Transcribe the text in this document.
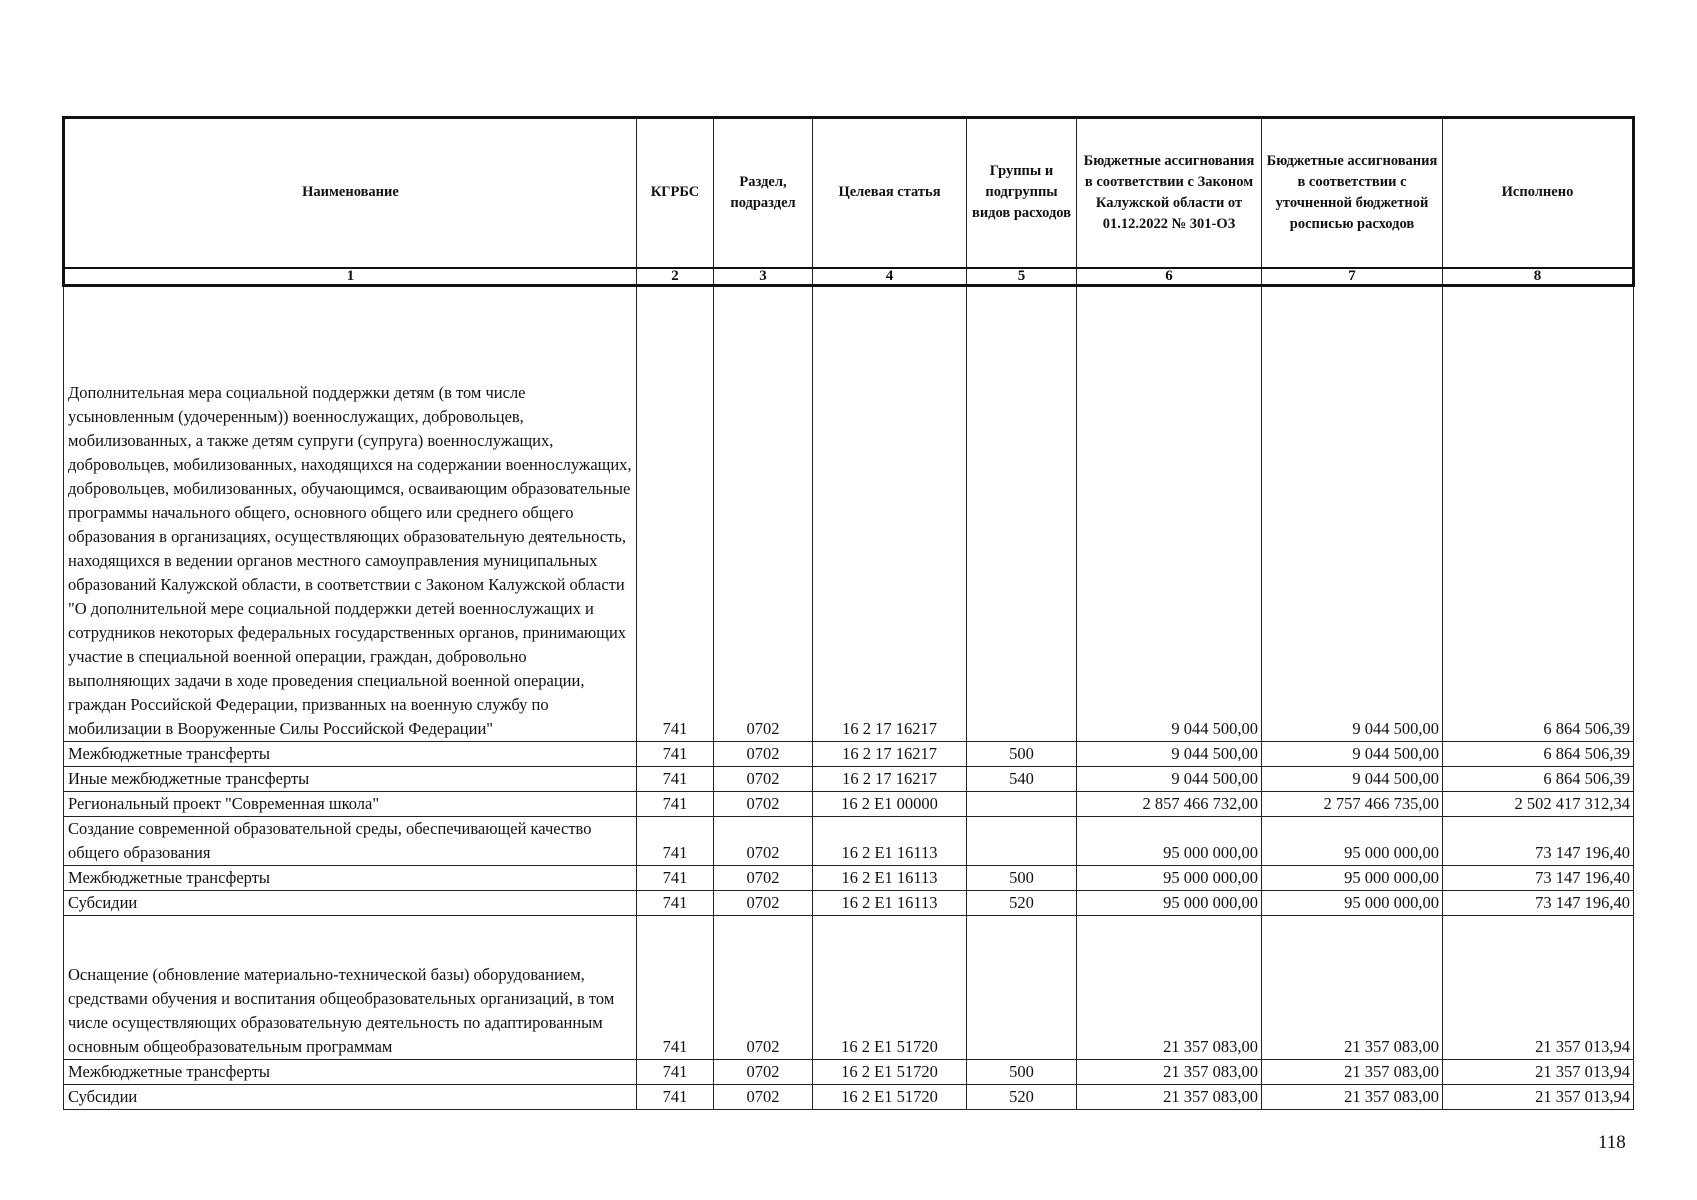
Наименование	КГРБС	Раздел, подраздел	Целевая статья	Группы и подгруппы видов расходов	Бюджетные ассигнования в соответствии с Законом Калужской области от 01.12.2022 № 301-ОЗ	Бюджетные ассигнования в соответствии с уточненной бюджетной росписью расходов	Исполнено
1	2	3	4	5	6	7	8
Дополнительная мера социальной поддержки детям (в том числе усыновленным (удочеренным)) военнослужащих, добровольцев, мобилизованных, а также детям супруги (супруга) военнослужащих, добровольцев, мобилизованных, находящихся на содержании военнослужащих, добровольцев, мобилизованных, обучающимся, осваивающим образовательные программы начального общего, основного общего или среднего общего образования в организациях, осуществляющих образовательную деятельность, находящихся в ведении органов местного самоуправления муниципальных образований Калужской области, в соответствии с Законом Калужской области "О дополнительной мере социальной поддержки детей военнослужащих и сотрудников некоторых федеральных государственных органов, принимающих участие в специальной военной операции, граждан, добровольно выполняющих задачи в ходе проведения специальной военной операции, граждан Российской Федерации, призванных на военную службу по мобилизации в Вооруженные Силы Российской Федерации"	741	0702	16 2 17 16217		9 044 500,00	9 044 500,00	6 864 506,39
Межбюджетные трансферты	741	0702	16 2 17 16217	500	9 044 500,00	9 044 500,00	6 864 506,39
Иные межбюджетные трансферты	741	0702	16 2 17 16217	540	9 044 500,00	9 044 500,00	6 864 506,39
Региональный проект "Современная школа"	741	0702	16 2 E1 00000		2 857 466 732,00	2 757 466 735,00	2 502 417 312,34
Создание современной образовательной среды, обеспечивающей качество общего образования	741	0702	16 2 E1 16113		95 000 000,00	95 000 000,00	73 147 196,40
Межбюджетные трансферты	741	0702	16 2 E1 16113	500	95 000 000,00	95 000 000,00	73 147 196,40
Субсидии	741	0702	16 2 E1 16113	520	95 000 000,00	95 000 000,00	73 147 196,40
Оснащение (обновление материально-технической базы) оборудованием, средствами обучения и воспитания общеобразовательных организаций, в том числе осуществляющих образовательную деятельность по адаптированным основным общеобразовательным программам	741	0702	16 2 E1 51720		21 357 083,00	21 357 083,00	21 357 013,94
Межбюджетные трансферты	741	0702	16 2 E1 51720	500	21 357 083,00	21 357 083,00	21 357 013,94
Субсидии	741	0702	16 2 E1 51720	520	21 357 083,00	21 357 083,00	21 357 013,94
118
